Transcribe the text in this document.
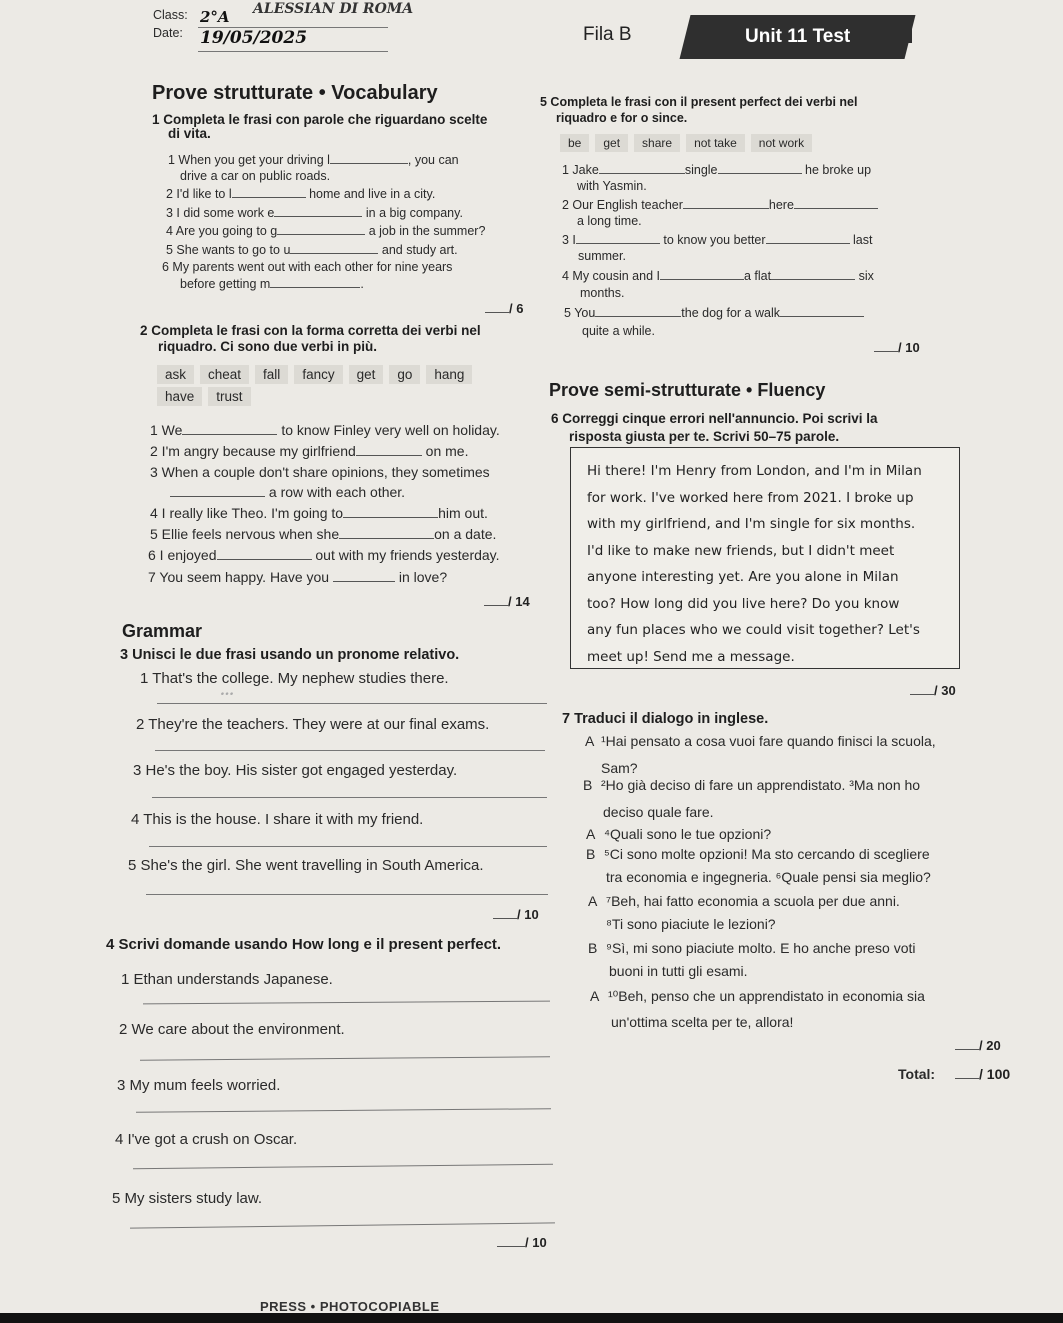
Class: 2°A ALESSIAN DI ROMA
Date: 19/05/2025	Fila B	Unit 11 Test
Prove strutturate • Vocabulary
1 Completa le frasi con parole che riguardano scelte
di vita.
1 When you get your driving l	, you can
drive a car on public roads.
2 I'd like to l	home and live in a city.
3 I did some work e	in a big company.
4 Are you going to g	a job in the summer?
5 She wants to go to u	and study art.
6 My parents went out with each other for nine years
before getting m	.
/ 6
2 Completa le frasi con la forma corretta dei verbi nel
riquadro. Ci sono due verbi in più.
ask cheat fall fancy get go hang
have trust
1 We	to know Finley very well on holiday.
2 I'm angry because my girlfriend	on me.
3 When a couple don't share opinions, they sometimes
a row with each other.
4 I really like Theo. I'm going to	him out.
5 Ellie feels nervous when she	on a date.
6 I enjoyed	out with my friends yesterday.
7 You seem happy. Have you	in love?
/ 14
Grammar
3 Unisci le due frasi usando un pronome relativo.
1 That's the college. My nephew studies there.
…
2 They're the teachers. They were at our final exams.
3 He's the boy. His sister got engaged yesterday.
4 This is the house. I share it with my friend.
5 She's the girl. She went travelling in South America.
/ 10
4 Scrivi domande usando How long e il present perfect.
1 Ethan understands Japanese.
2 We care about the environment.
3 My mum feels worried.
4 I've got a crush on Oscar.
5 My sisters study law.
/ 10
5 Completa le frasi con il present perfect dei verbi nel
riquadro e for o since.
be get share not take not work
1 Jake	single	he broke up
with Yasmin.
2 Our English teacher	here
a long time.
3 I	to know you better	last
summer.
4 My cousin and I	a flat	six
months.
5 You	the dog for a walk
quite a while.
/ 10
Prove semi-strutturate • Fluency
6 Correggi cinque errori nell'annuncio. Poi scrivi la
risposta giusta per te. Scrivi 50–75 parole.

Hi there! I'm Henry from London, and I'm in Milan
for work. I've worked here from 2021. I broke up
with my girlfriend, and I'm single for six months.
I'd like to make new friends, but I didn't meet
anyone interesting yet. Are you alone in Milan
too? How long did you live here? Do you know
any fun places who we could visit together? Let's
meet up! Send me a message.

/ 30
7 Traduci il dialogo in inglese.
A ¹Hai pensato a cosa vuoi fare quando finisci la scuola,
Sam?
B ²Ho già deciso di fare un apprendistato. ³Ma non ho
deciso quale fare.
A ⁴Quali sono le tue opzioni?
B ⁵Ci sono molte opzioni! Ma sto cercando di scegliere
tra economia e ingegneria. ⁶Quale pensi sia meglio?
A ⁷Beh, hai fatto economia a scuola per due anni.
⁸Ti sono piaciute le lezioni?
B ⁹Sì, mi sono piaciute molto. E ho anche preso voti
buoni in tutti gli esami.
A ¹⁰Beh, penso che un apprendistato in economia sia
un'ottima scelta per te, allora!
/ 20
Total:	/ 100
PRESS • PHOTOCOPIABLE
